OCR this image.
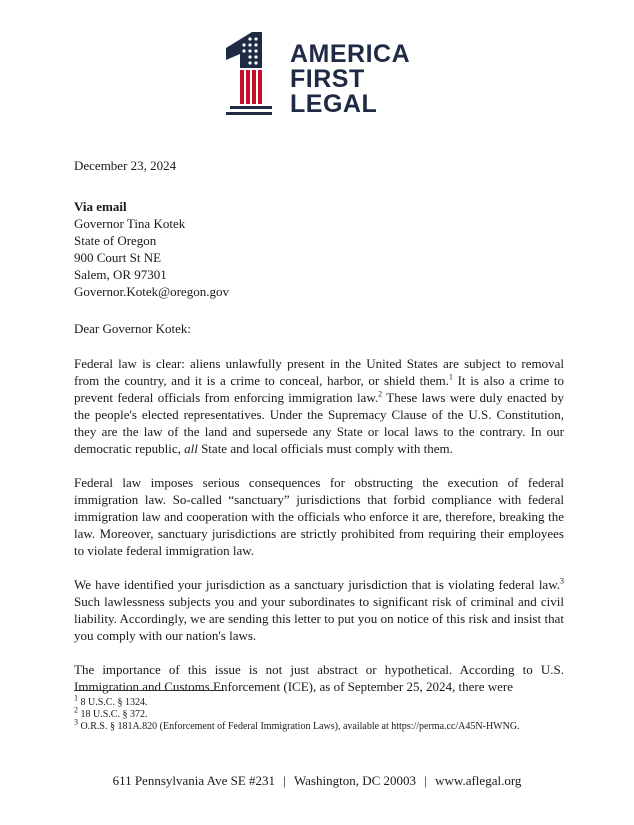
AMERICA
FIRST
LEGAL
December 23, 2024
Via email
Governor Tina Kotek
State of Oregon
900 Court St NE
Salem, OR 97301
Governor.Kotek@oregon.gov
Dear Governor Kotek:
Federal law is clear: aliens unlawfully present in the United States are subject to removal from the country, and it is a crime to conceal, harbor, or shield them.$^1$ It is also a crime to prevent federal officials from enforcing immigration law.$^2$ These laws were duly enacted by the people's elected representatives. Under the Supremacy Clause of the U.S. Constitution, they are the law of the land and supersede any State or local laws to the contrary. In our democratic republic, all State and local officials must comply with them.
Federal law imposes serious consequences for obstructing the execution of federal immigration law. So-called “sanctuary” jurisdictions that forbid compliance with federal immigration law and cooperation with the officials who enforce it are, therefore, breaking the law. Moreover, sanctuary jurisdictions are strictly prohibited from requiring their employees to violate federal immigration law.
We have identified your jurisdiction as a sanctuary jurisdiction that is violating federal law.$^3$ Such lawlessness subjects you and your subordinates to significant risk of criminal and civil liability. Accordingly, we are sending this letter to put you on notice of this risk and insist that you comply with our nation's laws.
The importance of this issue is not just abstract or hypothetical. According to U.S. Immigration and Customs Enforcement (ICE), as of September 25, 2024, there were
$^1$ 8 U.S.C. § 1324.
$^2$ 18 U.S.C. § 372.
$^3$ O.R.S. § 181A.820 (Enforcement of Federal Immigration Laws), available at https://perma.cc/A45N-HWNG.
611 Pennsylvania Ave SE #231 | Washington, DC 20003 | www.aflegal.org
